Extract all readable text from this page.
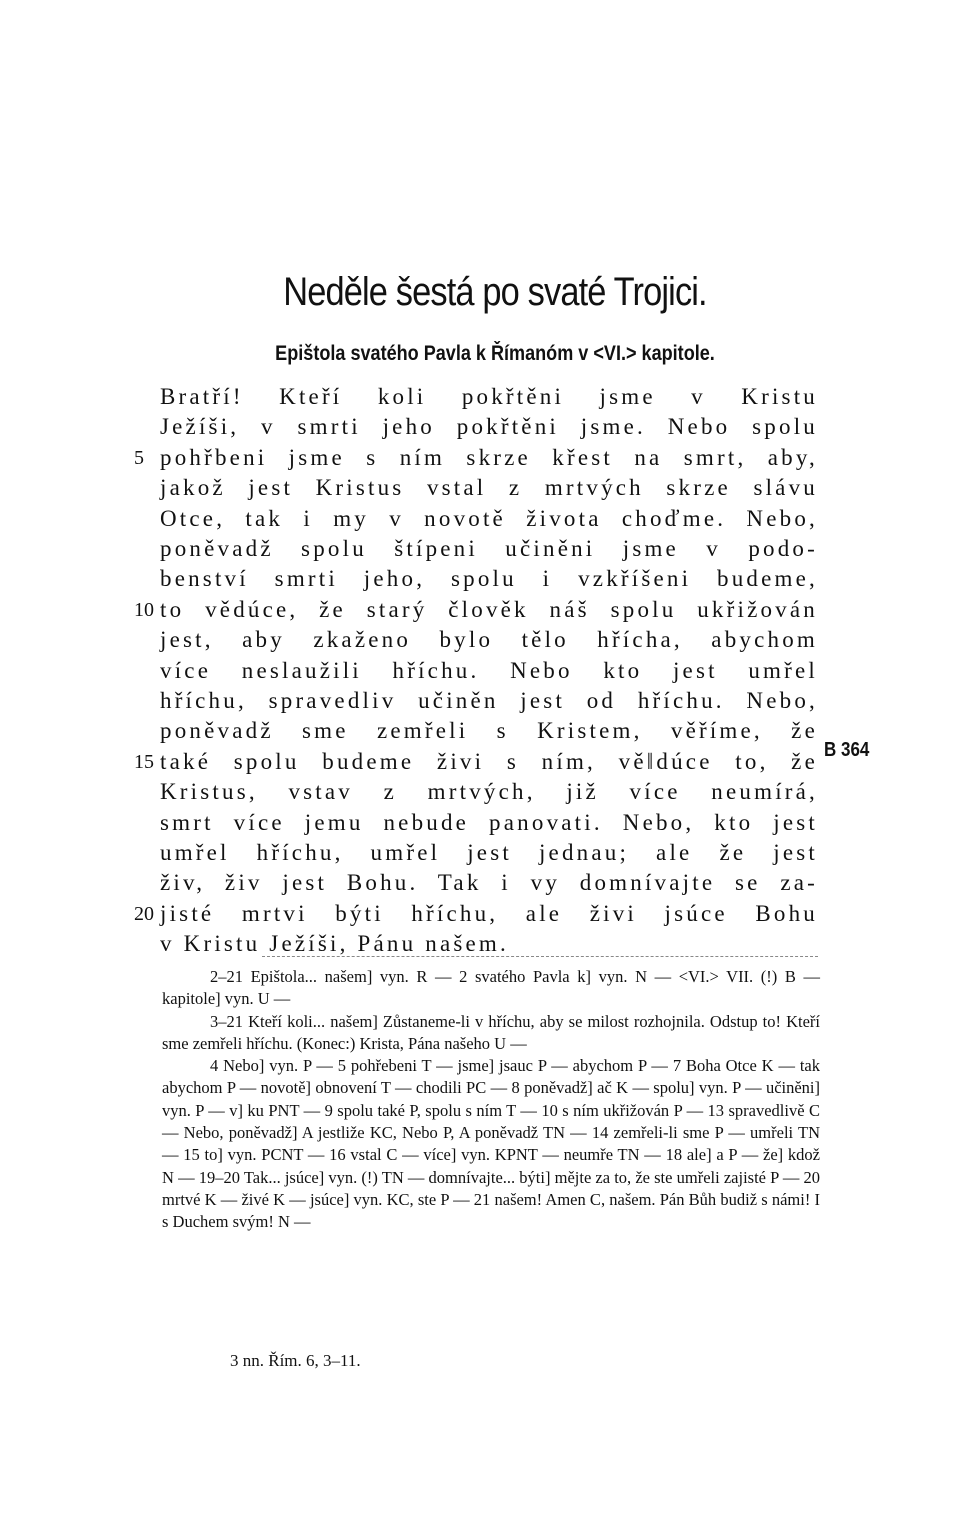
Neděle šestá po svaté Trojici.
Epištola svatého Pavla k Římanóm v <VI.> kapitole.
Bratří! Kteří koli pokřtěni jsme v Kristu
Ježíši, v smrti jeho pokřtěni jsme. Nebo spolu
pohřbeni jsme s ním skrze křest na smrt, aby,
5
jakož jest Kristus vstal z mrtvých skrze slávu
Otce, tak i my v novotě života choďme. Nebo,
poněvadž spolu štípeni učiněni jsme v podo-
benství smrti jeho, spolu i vzkříšeni budeme,
to vědúce, že starý člověk náš spolu ukřižován
10
jest, aby zkaženo bylo tělo hřícha, abychom
více neslaužili hříchu. Nebo kto jest umřel
hříchu, spravedliv učiněn jest od hříchu. Nebo,
poněvadž sme zemřeli s Kristem, věříme, že
také spolu budeme živi s ním, vě‖dúce to, že
15
Kristus, vstav z mrtvých, již více neumírá,
smrt více jemu nebude panovati. Nebo, kto jest
umřel hříchu, umřel jest jednau; ale že jest
živ, živ jest Bohu. Tak i vy domnívajte se za-
jisté mrtvi býti hříchu, ale živi jsúce Bohu
20
v Kristu Ježíši, Pánu našem.
B 364

2–21 Epištola... našem] vyn. R — 2 svatého Pavla k] vyn. N — <VI.> VII. (!) B — kapitole] vyn. U —

3–21 Kteří koli... našem] Zůstaneme-li v hříchu, aby se milost rozhojnila. Odstup to! Kteří sme zemřeli hříchu. (Konec:) Krista, Pána našeho U —

4 Nebo] vyn. P — 5 pohřebeni T — jsme] jsauc P — abychom P — 7 Boha Otce K — tak abychom P — novotě] obnovení T — chodili PC — 8 poněvadž] ač K — spolu] vyn. P — učiněni] vyn. P — v] ku PNT — 9 spolu také P, spolu s ním T — 10 s ním ukřižován P — 13 spravedlivě C — Nebo, poněvadž] A jestliže KC, Nebo P, A poněvadž TN — 14 zemřeli-li sme P — umřeli TN — 15 to] vyn. PCNT — 16 vstal C — více] vyn. KPNT — neumře TN — 18 ale] a P — že] kdož N — 19–20 Tak... jsúce] vyn. (!) TN — domnívajte... býti] mějte za to, že ste umřeli zajisté P — 20 mrtvé K — živé K — jsúce] vyn. KC, ste P — 21 našem! Amen C, našem. Pán Bůh budiž s námi! I s Duchem svým! N —

3 nn. Řím. 6, 3–11.
